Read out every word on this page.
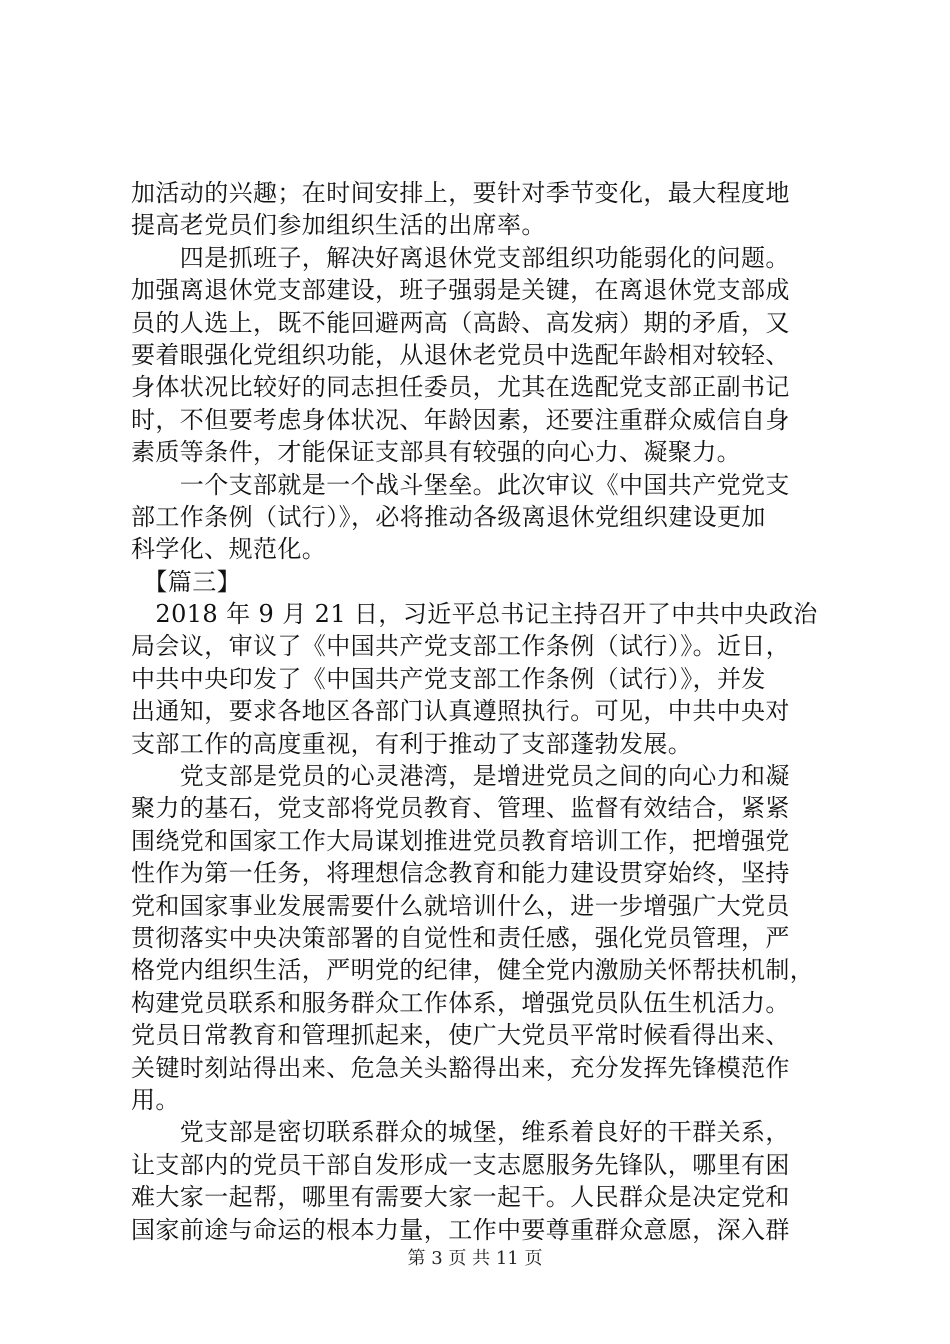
加活动的兴趣；在时间安排上，要针对季节变化，最大程度地
提高老党员们参加组织生活的出席率。
　　四是抓班子，解决好离退休党支部组织功能弱化的问题。
加强离退休党支部建设，班子强弱是关键，在离退休党支部成
员的人选上，既不能回避两高（高龄、高发病）期的矛盾，又
要着眼强化党组织功能，从退休老党员中选配年龄相对较轻、
身体状况比较好的同志担任委员，尤其在选配党支部正副书记
时，不但要考虑身体状况、年龄因素，还要注重群众威信自身
素质等条件，才能保证支部具有较强的向心力、凝聚力。
　　一个支部就是一个战斗堡垒。此次审议《中国共产党党支
部工作条例（试行）》，必将推动各级离退休党组织建设更加
科学化、规范化。
　【篇三】
　2018 年 9 月 21 日，习近平总书记主持召开了中共中央政治
局会议，审议了《中国共产党支部工作条例（试行）》。近日，
中共中央印发了《中国共产党支部工作条例（试行）》，并发
出通知，要求各地区各部门认真遵照执行。可见，中共中央对
支部工作的高度重视，有利于推动了支部蓬勃发展。
　　党支部是党员的心灵港湾，是增进党员之间的向心力和凝
聚力的基石，党支部将党员教育、管理、监督有效结合，紧紧
围绕党和国家工作大局谋划推进党员教育培训工作，把增强党
性作为第一任务，将理想信念教育和能力建设贯穿始终，坚持
党和国家事业发展需要什么就培训什么，进一步增强广大党员
贯彻落实中央决策部署的自觉性和责任感，强化党员管理，严
格党内组织生活，严明党的纪律，健全党内激励关怀帮扶机制，
构建党员联系和服务群众工作体系，增强党员队伍生机活力。
党员日常教育和管理抓起来，使广大党员平常时候看得出来、
关键时刻站得出来、危急关头豁得出来，充分发挥先锋模范作
用。
　　党支部是密切联系群众的城堡，维系着良好的干群关系，
让支部内的党员干部自发形成一支志愿服务先锋队，哪里有困
难大家一起帮，哪里有需要大家一起干。人民群众是决定党和
国家前途与命运的根本力量，工作中要尊重群众意愿，深入群
第 3 页 共 11 页
